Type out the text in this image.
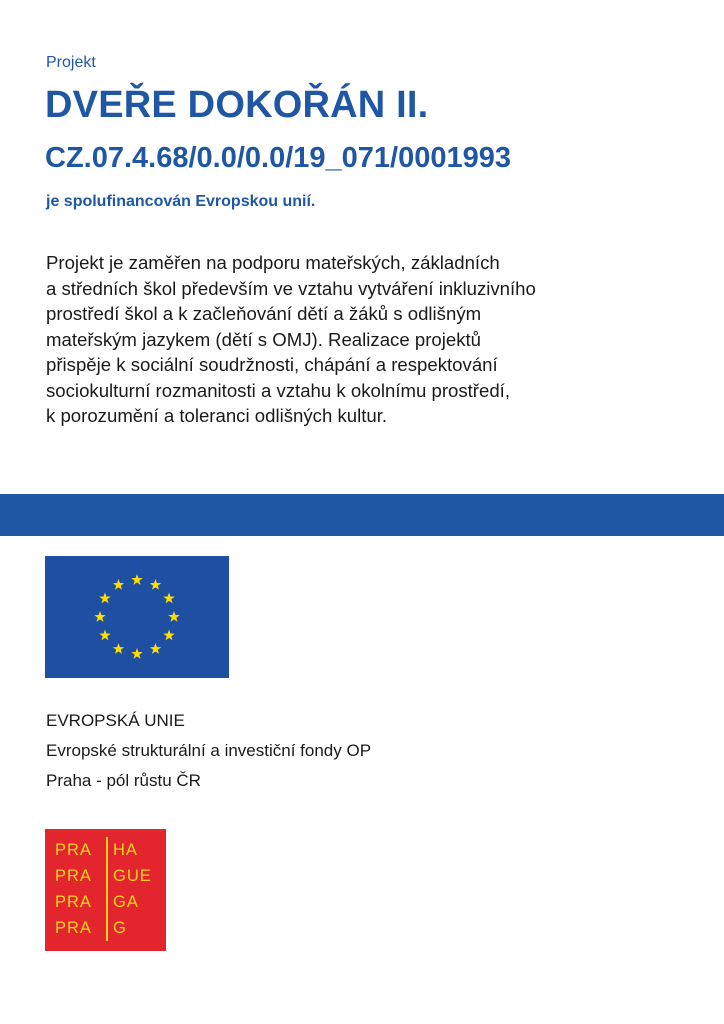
Projekt
DVEŘE DOKOŘÁN II.
CZ.07.4.68/0.0/0.0/19_071/0001993
je spolufinancován Evropskou unií.
Projekt je zaměřen na podporu mateřských, základních
a středních škol především ve vztahu vytváření inkluzivního
prostředí škol a k začleňování dětí a žáků s odlišným
mateřským jazykem (dětí s OMJ). Realizace projektů
přispěje k sociální soudržnosti, chápání a respektování
sociokulturní rozmanitosti a vztahu k okolnímu prostředí,
k porozumění a toleranci odlišných kultur.
EVROPSKÁ UNIE
Evropské strukturální a investiční fondy OP
Praha - pól růstu ČR
PRA
PRA
PRA
PRA
HA
GUE
GA
G
